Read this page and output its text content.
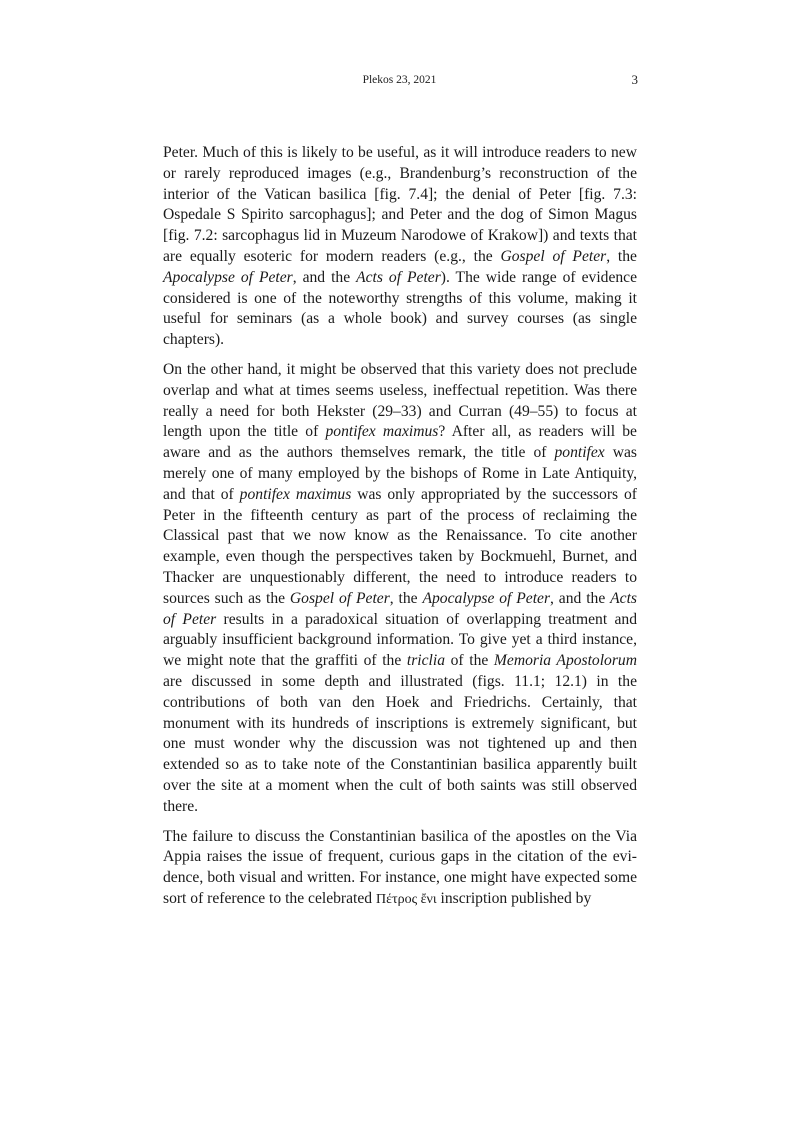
Plekos 23, 2021	3

Peter. Much of this is likely to be useful, as it will introduce readers to new or rarely reproduced images (e.g., Brandenburg’s reconstruction of the interior of the Vatican basilica [fig. 7.4]; the denial of Peter [fig. 7.3: Ospedale S Spirito sarcophagus]; and Peter and the dog of Simon Magus [fig. 7.2: sarcophagus lid in Muzeum Narodowe of Krakow]) and texts that are equally esoteric for modern readers (e.g., the Gospel of Peter, the Apocalypse of Peter, and the Acts of Peter). The wide range of evidence considered is one of the noteworthy strengths of this volume, making it useful for seminars (as a whole book) and survey courses (as single chapters).

On the other hand, it might be observed that this variety does not preclude overlap and what at times seems useless, ineffectual repetition. Was there really a need for both Hekster (29–33) and Curran (49–55) to focus at length upon the title of pontifex maximus? After all, as readers will be aware and as the authors themselves remark, the title of pontifex was merely one of many employed by the bishops of Rome in Late Antiquity, and that of pontifex maximus was only appropriated by the successors of Peter in the fifteenth century as part of the process of reclaiming the Classical past that we now know as the Renaissance. To cite another example, even though the perspectives taken by Bockmuehl, Burnet, and Thacker are unquestionably different, the need to introduce readers to sources such as the Gospel of Peter, the Apocalypse of Peter, and the Acts of Peter results in a paradoxical situation of overlapping treatment and arguably insufficient background information. To give yet a third instance, we might note that the graffiti of the triclia of the Memoria Apostolorum are discussed in some depth and illustrated (figs. 11.1; 12.1) in the contributions of both van den Hoek and Friedrichs. Certainly, that monument with its hundreds of inscriptions is extremely significant, but one must wonder why the discussion was not tightened up and then extended so as to take note of the Constantinian basilica apparently built over the site at a moment when the cult of both saints was still observed there.

The failure to discuss the Constantinian basilica of the apostles on the Via Appia raises the issue of frequent, curious gaps in the citation of the evidence, both visual and written. For instance, one might have expected some sort of reference to the celebrated Πέτρος ἔνι inscription published by
